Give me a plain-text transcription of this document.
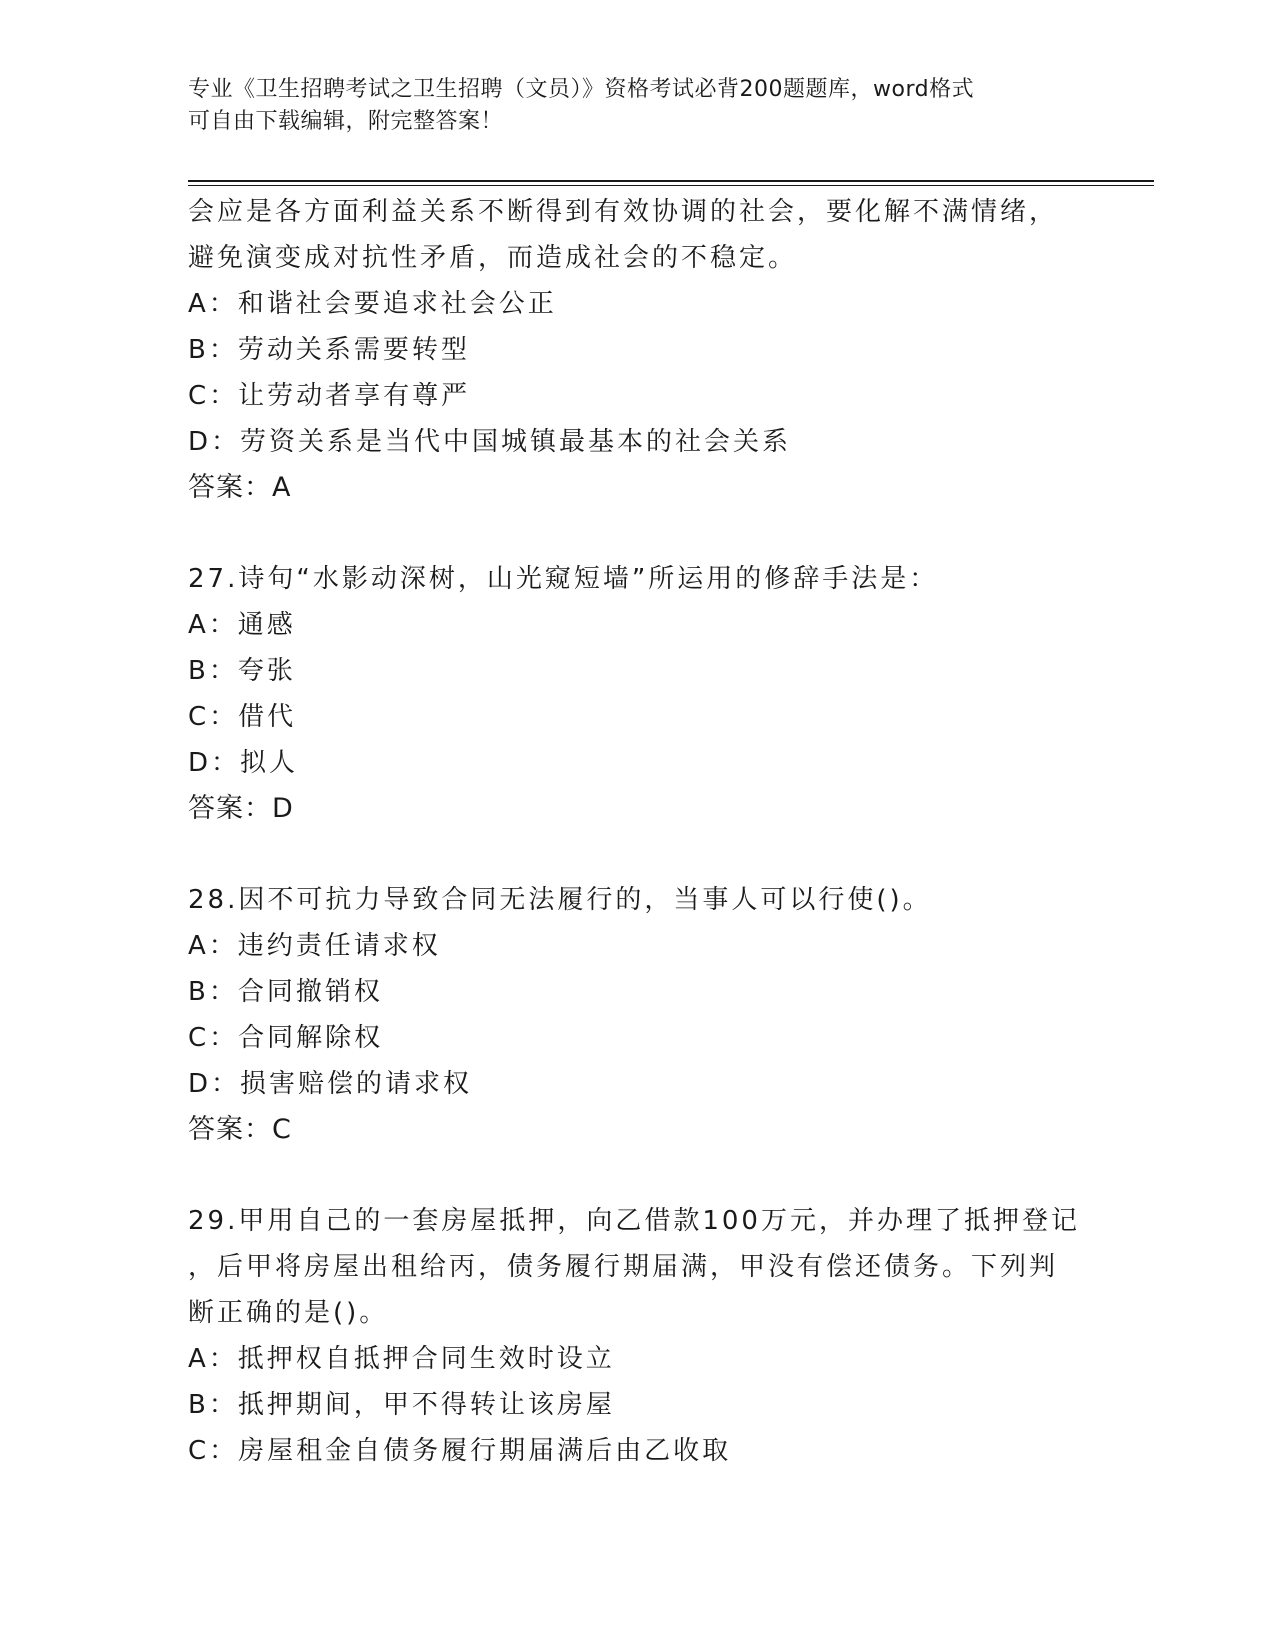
专业《卫生招聘考试之卫生招聘（文员）》资格考试必背200题题库，word格式
可自由下载编辑，附完整答案！
会应是各方面利益关系不断得到有效协调的社会，要化解不满情绪，
避免演变成对抗性矛盾，而造成社会的不稳定。
A：和谐社会要追求社会公正
B：劳动关系需要转型
C：让劳动者享有尊严
D：劳资关系是当代中国城镇最基本的社会关系
答案：A
27.诗句“水影动深树，山光窥短墙”所运用的修辞手法是：
A：通感
B：夸张
C：借代
D：拟人
答案：D
28.因不可抗力导致合同无法履行的，当事人可以行使()。
A：违约责任请求权
B：合同撤销权
C：合同解除权
D：损害赔偿的请求权
答案：C
29.甲用自己的一套房屋抵押，向乙借款100万元，并办理了抵押登记
，后甲将房屋出租给丙，债务履行期届满，甲没有偿还债务。下列判
断正确的是()。
A：抵押权自抵押合同生效时设立
B：抵押期间，甲不得转让该房屋
C：房屋租金自债务履行期届满后由乙收取
